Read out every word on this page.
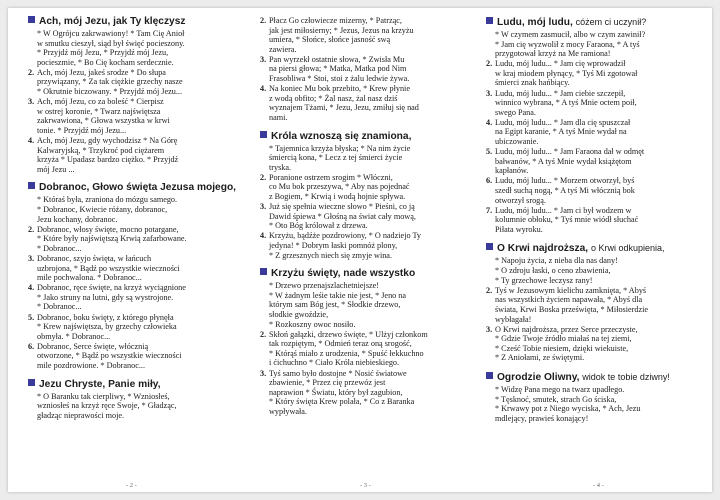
Ach, mój Jezu, jak Ty klęczysz
* W Ogrójcu zakrwawiony! * Tam Cię Anioł
w smutku cieszył, siąd był święć pocieszony.
* Przyjdź mój Jezu, * Przyjdź mój Jezu,
pocieszmie, * Bo Cię kocham serdecznie.
2. Ach, mój Jezu, jakeś srodze * Do słupa
przywiązany, * Za tak ciężkie grzechy nasze
* Okrutnie biczowany. * Przyjdź mój Jezu...
3. Ach, mój Jezu, co za boleść * Cierpisz
w ostrej koronie, * Twarz najświętsza
zakrwawiona, * Głowa wszystka w krwi
tonie. * Przyjdź mój Jezu...
4. Ach, mój Jezu, gdy wychodzisz * Na Górę
Kalwaryjską, * Trzykroć pod ciężarem
krzyża * Upadasz bardzo ciężko. * Przyjdź
mój Jezu ...
Dobranoc, Głowo święta Jezusa mojego,
* Któraś była, zraniona do mózgu samego.
* Dobranoc, Kwiecie różany, dobranoc,
Jezu kochany, dobranoc.
2. Dobranoc, włosy święte, mocno potargane,
* Które były najświętszą Krwią zafarbowane.
* Dobranoc...
3. Dobranoc, szyjo święta, w łańcuch
uzbrojona, * Bądź po wszystkie wieczności
mile pochwalona. * Dobranoc...
4. Dobranoc, ręce święte, na krzyż wyciągnione
* Jako struny na lutni, gdy są wystrojone.
* Dobranoc...
5. Dobranoc, boku święty, z którego płynęła
* Krew najświętsza, by grzechy człowieka
obmyła. * Dobranoc...
6. Dobranoc, Serce święte, włócznią
otworzone, * Bądź po wszystkie wieczności
mile pozdrowione. * Dobranoc...
Jezu Chryste, Panie miły,
* O Baranku tak cierpliwy, * Wzniosłeś,
wzniosłeś na krzyż ręce Swoje, * Gładząc,
gładząc nieprawości moje.
2. Płacz Go człowiecze mizerny, * Patrząc,
jak jest miłosierny; * Jezus, Jezus na krzyżu
umiera, * Słońce, słońce jasność swą
zawiera.
3. Pan wyrzekł ostatnie słowa, * Zwisła Mu
na piersi głowa; * Matka, Matka pod Nim
Frasobliwa * Stoi, stoi z żalu ledwie żywa.
4. Na koniec Mu bok przebito, * Krew płynie
z wodą obfito; * Żal nasz, żal nasz dziś
wyznajem Tżami, * Jezu, Jezu, zmiłuj się nad
nami.
Króla wznoszą się znamiona,
* Tajemnica krzyża błyska; * Na nim życie
śmiercią kona, * Lecz z tej śmierci życie
tryska.
2. Poranione ostrzem srogim * Włóczni,
co Mu bok przeszywa, * Aby nas pojednać
z Bogiem, * Krwią i wodą hojnie spływa.
3. Już się spełnia wieczne słowo * Pieśni, co ją
Dawid śpiewa * Głośną na świat cały mową,
* Oto Bóg królował z drzewa.
4. Krzyżu, bądźże pozdrowiony, * O nadziejo Ty
jedyna! * Dobrym łaski pomnóż plony,
* Z grzesznych niech się zmyje wina.
Krzyżu święty, nade wszystko
* Drzewo przenajszlachetniejsze!
* W żadnym leśie takie nie jest, * Jeno na
którym sam Bóg jest, * Słodkie drzewo,
słodkie gwoździe,
* Rozkoszny owoc nosiło.
2. Skłoń gałązki, drzewo święte, * Ulżyj członkom
tak rozpiętym, * Odmień teraz oną srogość,
* Którąś miało z urodzenia, * Spuść łekkuchno
i ćichuchno * Ciało Króla niebieskiego.
3. Tyś samo było dostojne * Nosić światowe
zbawienie, * Przez cię przewóz jest
naprawion * Światu, który był zagubion,
* Który święta Krew polała, * Co z Baranka
wypływała.
Ludu, mój ludu,
cóżem ci uczynił?
* W czymem zasmucił, albo w czym zawinił?
* Jam cię wyzwolił z mocy Faraona, * A tyś
przygotował krzyż na Me ramiona!
2. Ludu, mój ludu... * Jam cię wprowadził
w kraj miodem płynący, * Tyś Mi zgotował
śmierci znak hańbiący.
3. Ludu, mój ludu... * Jam ciebie szczepił,
winnico wybrana, * A tyś Mnie octem poił,
swego Pana.
4. Ludu, mój ludu... * Jam dla cię spuszczał
na Egipt karanie, * A tyś Mnie wydał na
ubiczowanie.
5. Ludu, mój ludu... * Jam Faraona dał w odmęt
bałwanów, * A tyś Mnie wydał książętom
kapłanów.
6. Ludu, mój ludu... * Morzem otworzył, byś
szedł suchą nogą, * A tyś Mi włócznią bok
otworzył srogą.
7. Ludu, mój ludu... * Jam ci był wodzem w
kolumnie obłoku, * Tyś mnie wiódł słuchać
Piłata wyroku.
O Krwi najdroższa,
o Krwi odkupienia,
* Napoju życia, z nieba dla nas dany!
* O zdroju łaski, o ceno zbawienia,
* Ty grzechowe leczysz rany!
2. Tyś w Jezusowym kielichu zamknięta, * Abyś
nas wszystkich życiem napawała, * Abyś dla
świata, Krwi Boska prześwięta, * Miłosierdzie
wybłagała!
3. O Krwi najdroższa, przez Serce przeczyste,
* Gdzie Twoje źródło miałaś na tej ziemi,
* Cześć Tobie niesiem, dzięki wiekuiste,
* Z Aniołami, ze świętymi.
Ogrodzie Oliwny,
widok te tobie dziwny!
* Widzę Pana mego na twarz upadłego.
* Tęsknoć, smutek, strach Go ściska,
* Krwawy pot z Niego wyciska, * Ach, Jezu
mdlejący, prawieś konający!
- 2 -	- 3 -	- 4 -
